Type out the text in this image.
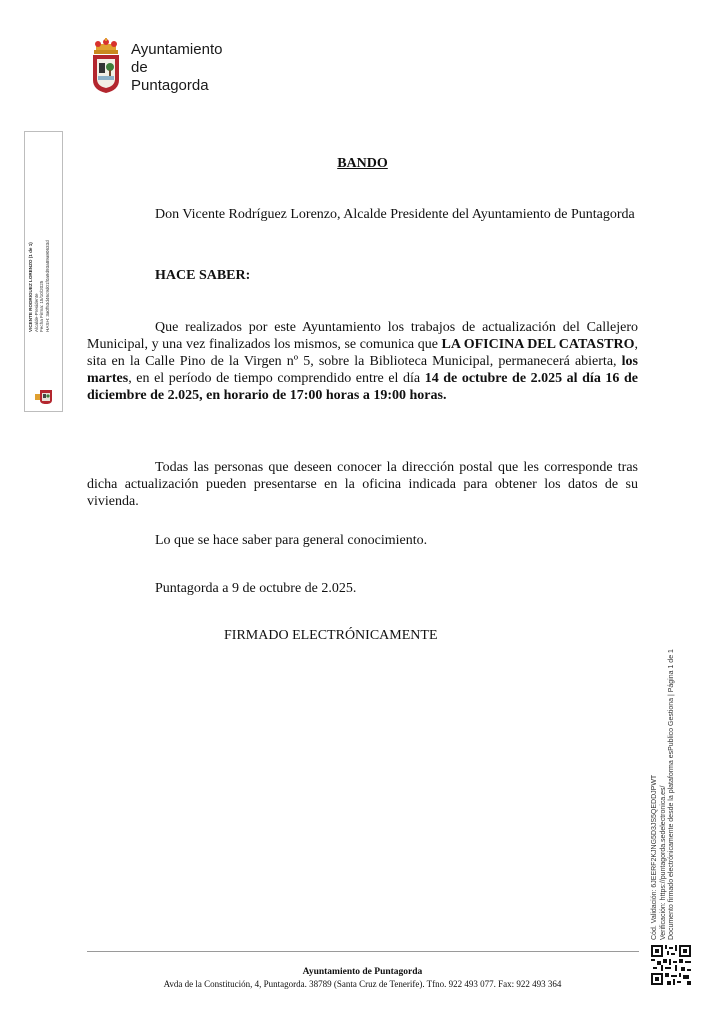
Ayuntamiento
de
Puntagorda
VICENTE RODRIGUEZ LORENZO (1 de 1) Alcalde-Presidente Fecha Firma: 15/10/2025 HASH: 3a0f53d46c9d01f0a9d93a89a90633d
BANDO
Don Vicente Rodríguez Lorenzo, Alcalde Presidente del Ayuntamiento de Puntagorda
HACE SABER:
Que realizados por este Ayuntamiento los trabajos de actualización del Callejero Municipal, y una vez finalizados los mismos, se comunica que LA OFICINA DEL CATASTRO, sita en la Calle Pino de la Virgen nº 5, sobre la Biblioteca Municipal, permanecerá abierta, los martes, en el período de tiempo comprendido entre el día 14 de octubre de 2.025 al día 16 de diciembre de 2.025, en horario de 17:00 horas a 19:00 horas.
Todas las personas que deseen conocer la dirección postal que les corresponde tras dicha actualización pueden presentarse en la oficina indicada para obtener los datos de su vivienda.
Lo que se hace saber para general conocimiento.
Puntagorda a 9 de octubre de 2.025.
FIRMADO ELECTRÓNICAMENTE
Cód. Validación: 6JEERF2KJNG5D3JS5QEDDJPWT Verificación: https://puntagorda.sedelectronica.es/ Documento firmado electrónicamente desde la plataforma esPublico Gestiona | Página 1 de 1
Ayuntamiento de Puntagorda
Avda de la Constitución, 4, Puntagorda. 38789 (Santa Cruz de Tenerife). Tfno. 922 493 077. Fax: 922 493 364
